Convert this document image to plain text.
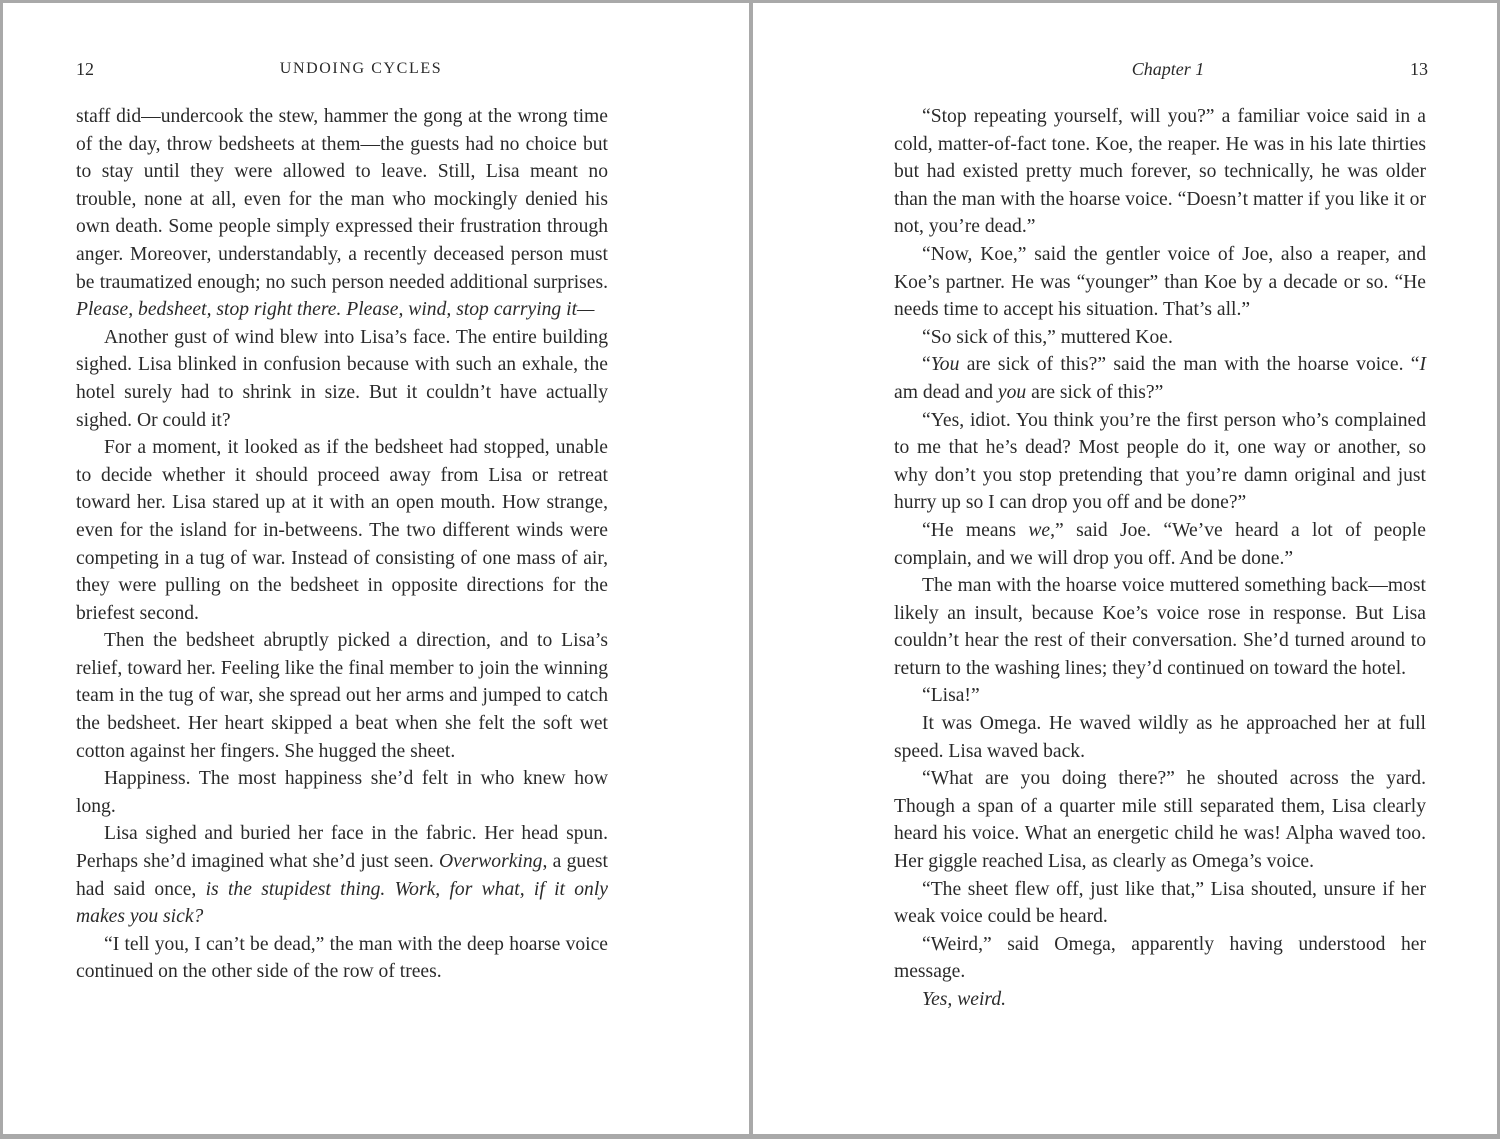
12	UNDOING CYCLES

staff did—undercook the stew, hammer the gong at the wrong time of the day, throw bedsheets at them—the guests had no choice but to stay until they were allowed to leave. Still, Lisa meant no trouble, none at all, even for the man who mockingly denied his own death. Some people simply expressed their frustration through anger. Moreover, understandably, a recently deceased person must be traumatized enough; no such person needed additional surprises. Please, bedsheet, stop right there. Please, wind, stop carrying it—

Another gust of wind blew into Lisa’s face. The entire building sighed. Lisa blinked in confusion because with such an exhale, the hotel surely had to shrink in size. But it couldn’t have actually sighed. Or could it?

For a moment, it looked as if the bedsheet had stopped, unable to decide whether it should proceed away from Lisa or retreat toward her. Lisa stared up at it with an open mouth. How strange, even for the island for in-betweens. The two different winds were competing in a tug of war. Instead of consisting of one mass of air, they were pulling on the bedsheet in opposite directions for the briefest second.

Then the bedsheet abruptly picked a direction, and to Lisa’s relief, toward her. Feeling like the final member to join the winning team in the tug of war, she spread out her arms and jumped to catch the bedsheet. Her heart skipped a beat when she felt the soft wet cotton against her fingers. She hugged the sheet.

Happiness. The most happiness she’d felt in who knew how long.

Lisa sighed and buried her face in the fabric. Her head spun. Perhaps she’d imagined what she’d just seen. Overworking, a guest had said once, is the stupidest thing. Work, for what, if it only makes you sick?

“I tell you, I can’t be dead,” the man with the deep hoarse voice continued on the other side of the row of trees.

Chapter 1	13

“Stop repeating yourself, will you?” a familiar voice said in a cold, matter-of-fact tone. Koe, the reaper. He was in his late thirties but had existed pretty much forever, so technically, he was older than the man with the hoarse voice. “Doesn’t matter if you like it or not, you’re dead.”

“Now, Koe,” said the gentler voice of Joe, also a reaper, and Koe’s partner. He was “younger” than Koe by a decade or so. “He needs time to accept his situation. That’s all.”

“So sick of this,” muttered Koe.

“You are sick of this?” said the man with the hoarse voice. “I am dead and you are sick of this?”

“Yes, idiot. You think you’re the first person who’s complained to me that he’s dead? Most people do it, one way or another, so why don’t you stop pretending that you’re damn original and just hurry up so I can drop you off and be done?”

“He means we,” said Joe. “We’ve heard a lot of people complain, and we will drop you off. And be done.”

The man with the hoarse voice muttered something back—most likely an insult, because Koe’s voice rose in response. But Lisa couldn’t hear the rest of their conversation. She’d turned around to return to the washing lines; they’d continued on toward the hotel.

“Lisa!”

It was Omega. He waved wildly as he approached her at full speed. Lisa waved back.

“What are you doing there?” he shouted across the yard. Though a span of a quarter mile still separated them, Lisa clearly heard his voice. What an energetic child he was! Alpha waved too. Her giggle reached Lisa, as clearly as Omega’s voice.

“The sheet flew off, just like that,” Lisa shouted, unsure if her weak voice could be heard.

“Weird,” said Omega, apparently having understood her message.

Yes, weird.
